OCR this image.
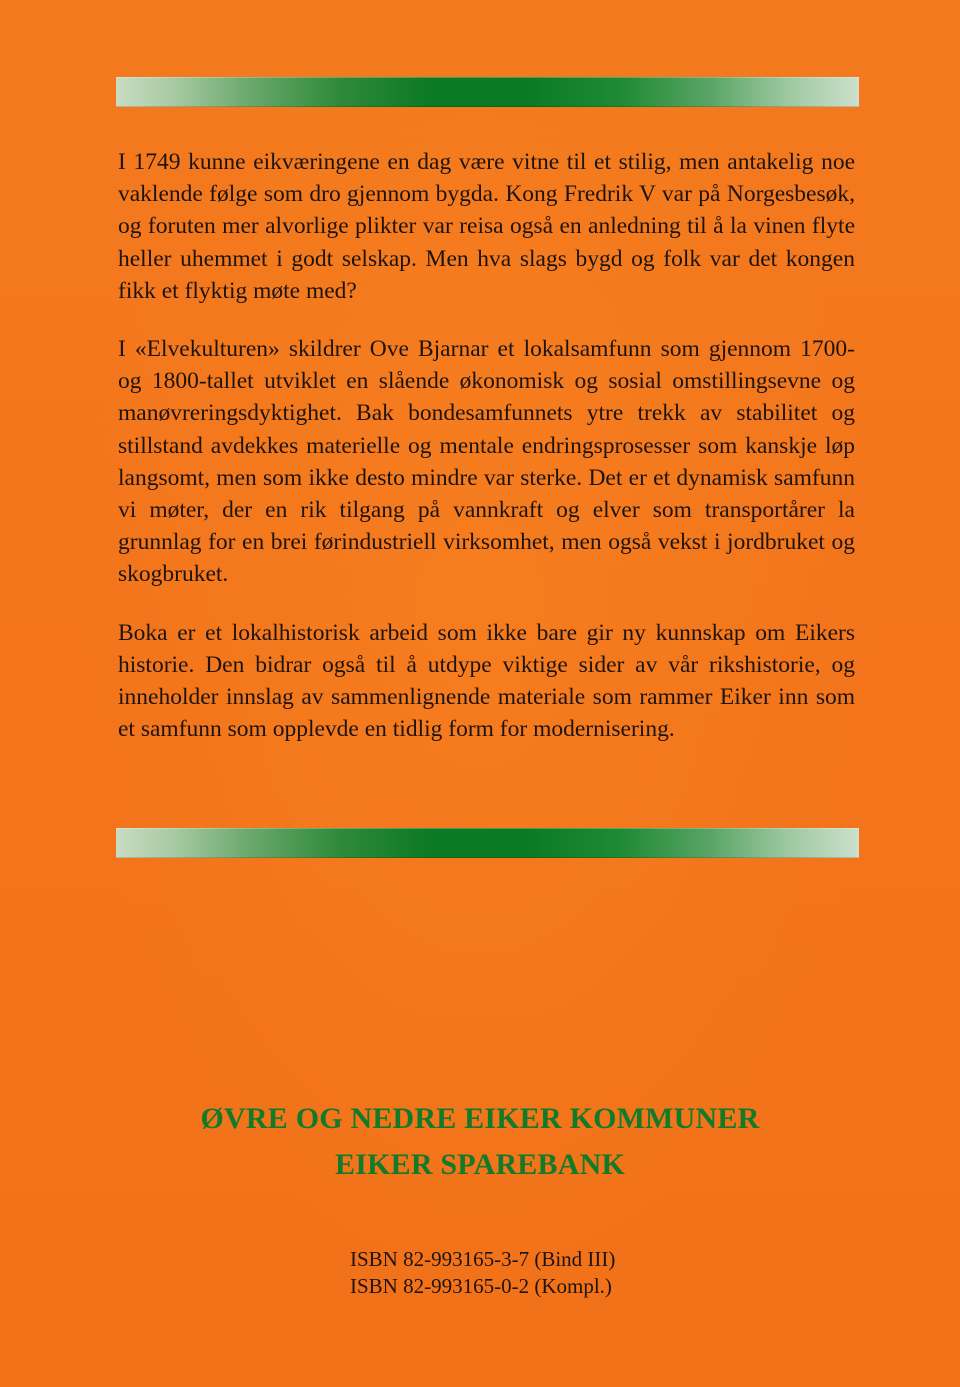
I 1749 kunne eikværingene en dag være vitne til et stilig, men antakelig noe vaklende følge som dro gjennom bygda. Kong Fredrik V var på Norgesbesøk, og foruten mer alvorlige plikter var reisa også en anledning til å la vinen flyte heller uhemmet i godt selskap. Men hva slags bygd og folk var det kongen fikk et flyktig møte med?

I «Elvekulturen» skildrer Ove Bjarnar et lokalsamfunn som gjennom 1700- og 1800-tallet utviklet en slående økonomisk og sosial omstillingsevne og manøvreringsdyktighet. Bak bondesamfunnets ytre trekk av stabilitet og stillstand avdekkes materielle og mentale endringsprosesser som kanskje løp langsomt, men som ikke desto mindre var sterke. Det er et dynamisk samfunn vi møter, der en rik tilgang på vannkraft og elver som transportårer la grunnlag for en brei førindustriell virksomhet, men også vekst i jordbruket og skogbruket.

Boka er et lokalhistorisk arbeid som ikke bare gir ny kunnskap om Eikers historie. Den bidrar også til å utdype viktige sider av vår rikshistorie, og inneholder innslag av sammenlignende materiale som rammer Eiker inn som et samfunn som opplevde en tidlig form for modernisering.

ØVRE OG NEDRE EIKER KOMMUNER
EIKER SPAREBANK
ISBN 82-993165-3-7 (Bind III)
ISBN 82-993165-0-2 (Kompl.)
